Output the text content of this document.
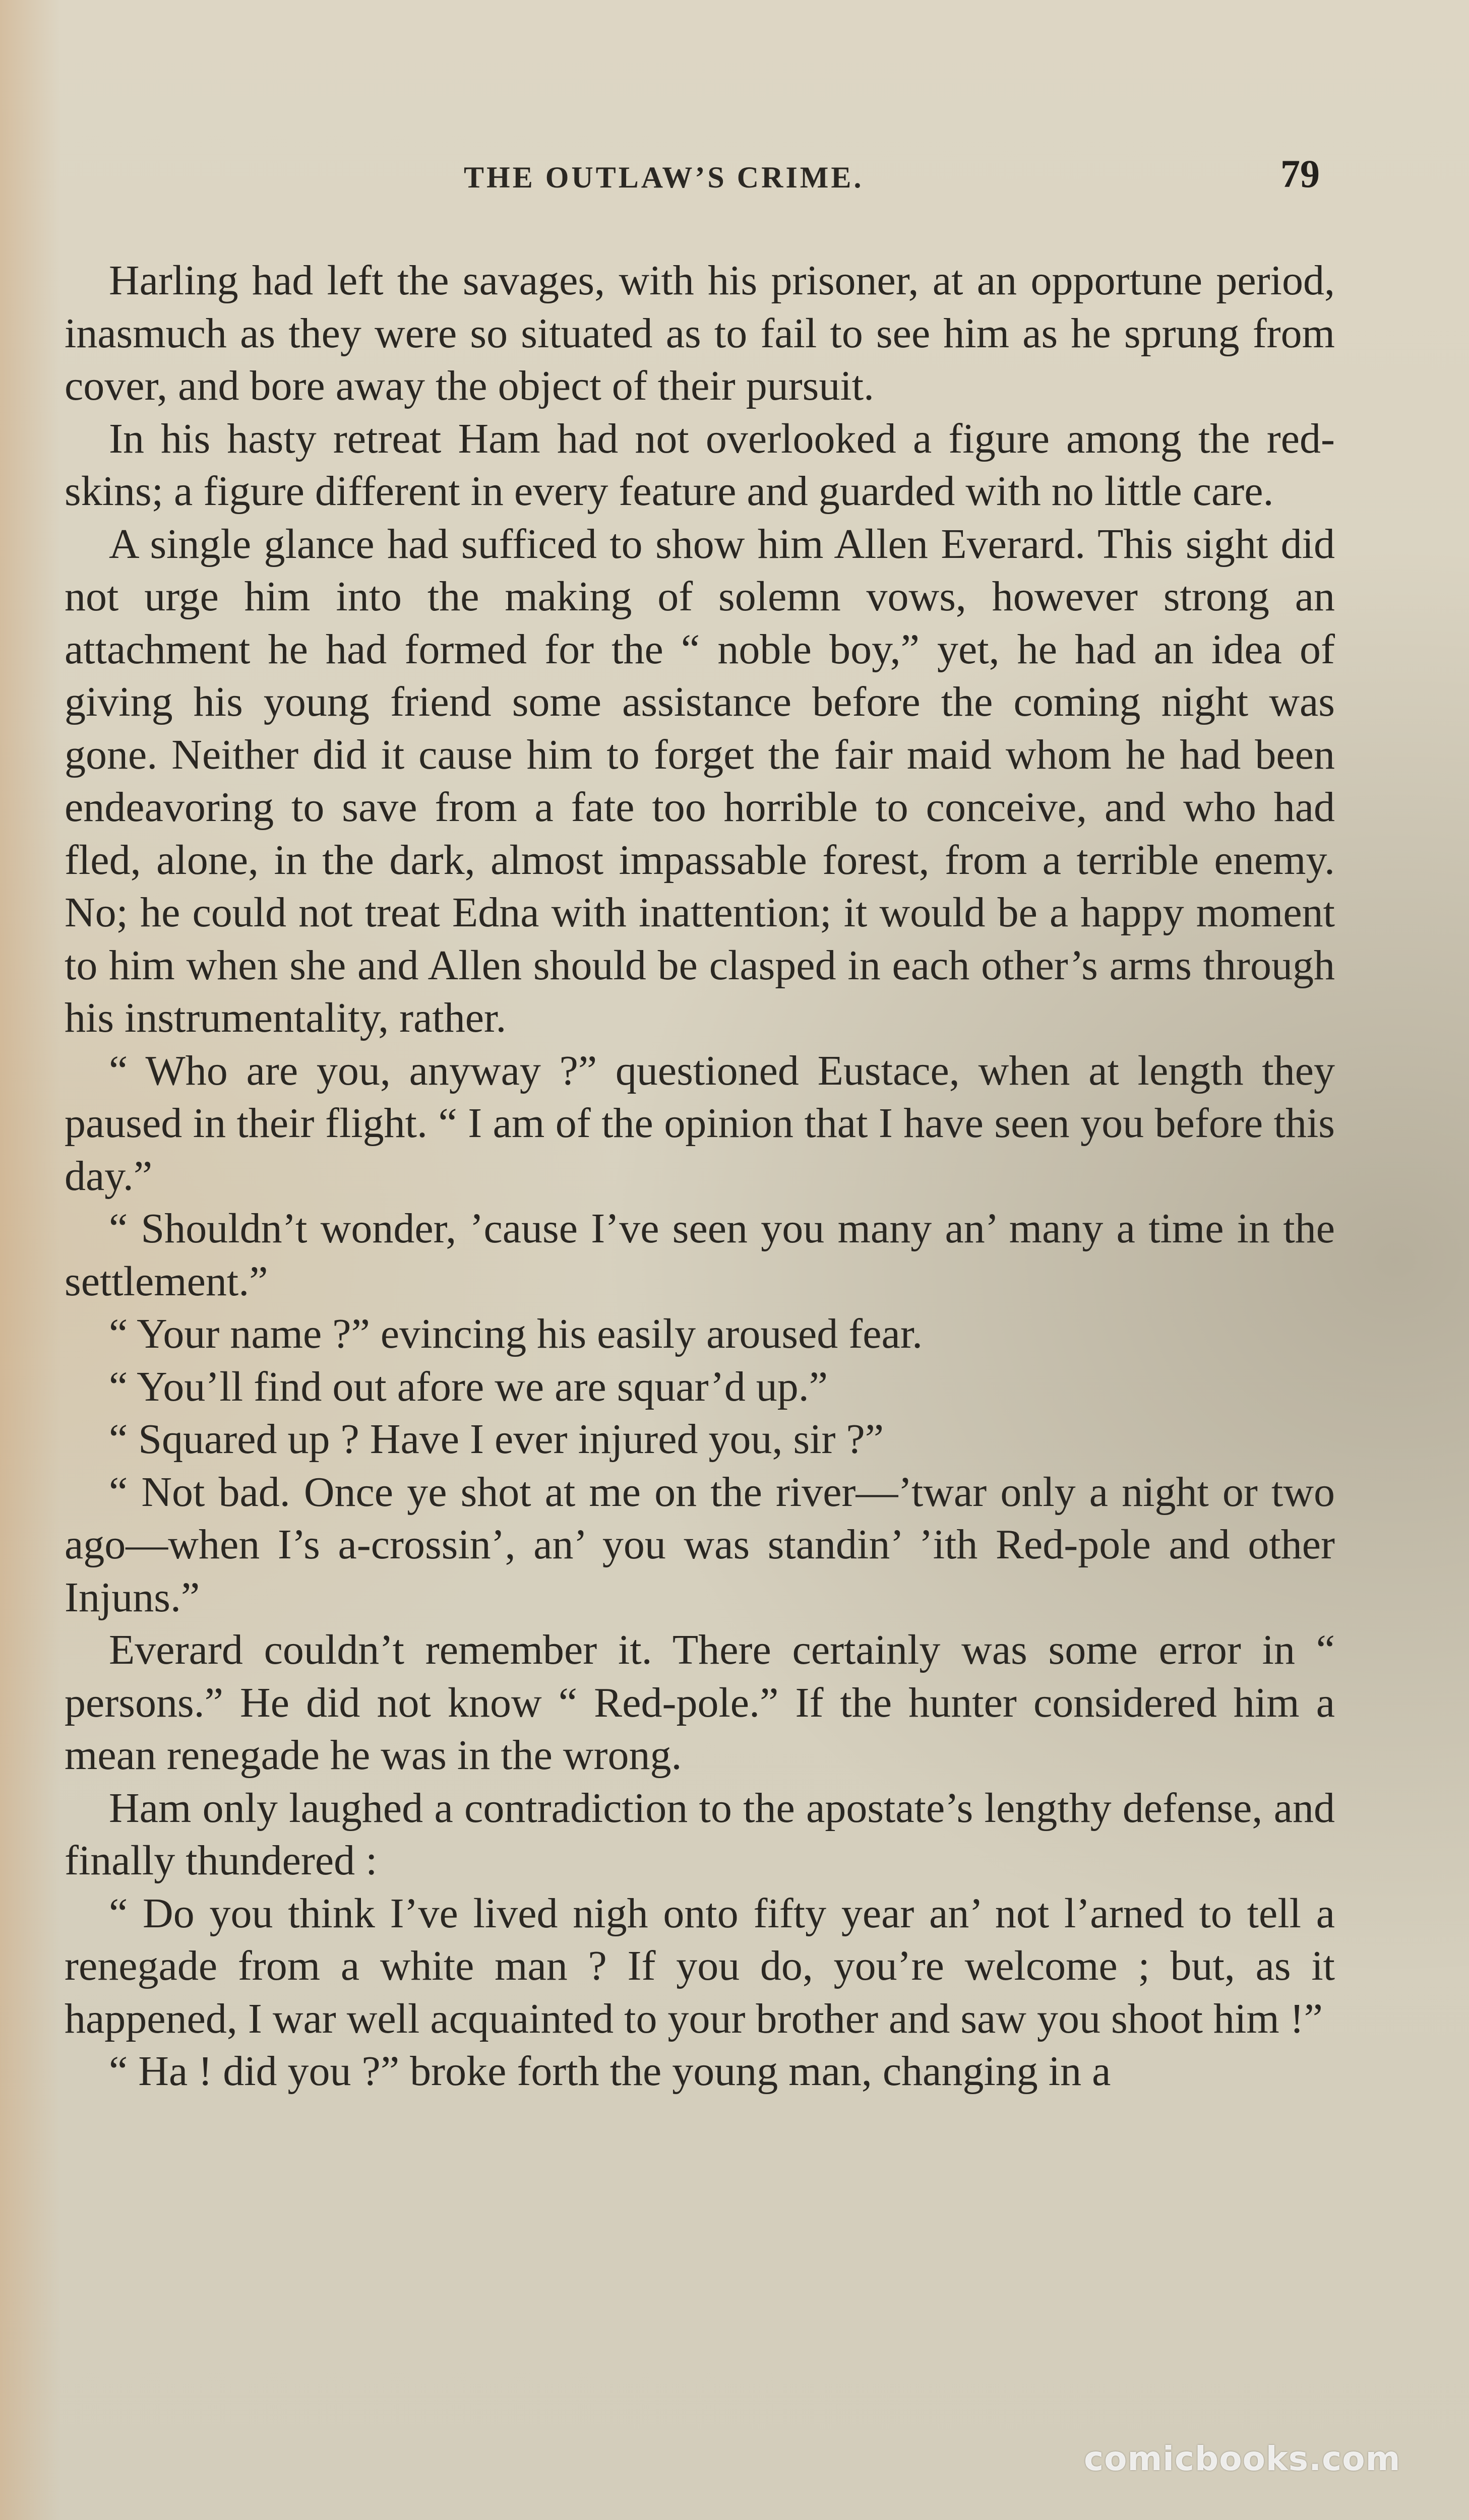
THE OUTLAW’S CRIME.	79

Harling had left the savages, with his prisoner, at an opportune period, inasmuch as they were so situated as to fail to see him as he sprung from cover, and bore away the object of their pursuit.

In his hasty retreat Ham had not overlooked a figure among the red-skins; a figure different in every feature and guarded with no little care.

A single glance had sufficed to show him Allen Everard. This sight did not urge him into the making of solemn vows, however strong an attachment he had formed for the “ noble boy,” yet, he had an idea of giving his young friend some assistance before the coming night was gone. Neither did it cause him to forget the fair maid whom he had been endeavoring to save from a fate too horrible to conceive, and who had fled, alone, in the dark, almost impassable forest, from a terrible enemy. No; he could not treat Edna with inattention; it would be a happy moment to him when she and Allen should be clasped in each other’s arms through his instrumentality, rather.

“ Who are you, anyway ?” questioned Eustace, when at length they paused in their flight. “ I am of the opinion that I have seen you before this day.”

“ Shouldn’t wonder, ’cause I’ve seen you many an’ many a time in the settlement.”

“ Your name ?” evincing his easily aroused fear.

“ You’ll find out afore we are squar’d up.”

“ Squared up ? Have I ever injured you, sir ?”

“ Not bad. Once ye shot at me on the river—’twar only a night or two ago—when I’s a-crossin’, an’ you was standin’ ’ith Red-pole and other Injuns.”

Everard couldn’t remember it. There certainly was some error in “ persons.” He did not know “ Red-pole.” If the hunter considered him a mean renegade he was in the wrong.

Ham only laughed a contradiction to the apostate’s lengthy defense, and finally thundered :

“ Do you think I’ve lived nigh onto fifty year an’ not l’arned to tell a renegade from a white man ? If you do, you’re welcome ; but, as it happened, I war well acquainted to your brother and saw you shoot him !”

“ Ha ! did you ?” broke forth the young man, changing in a

comicbooks.com
